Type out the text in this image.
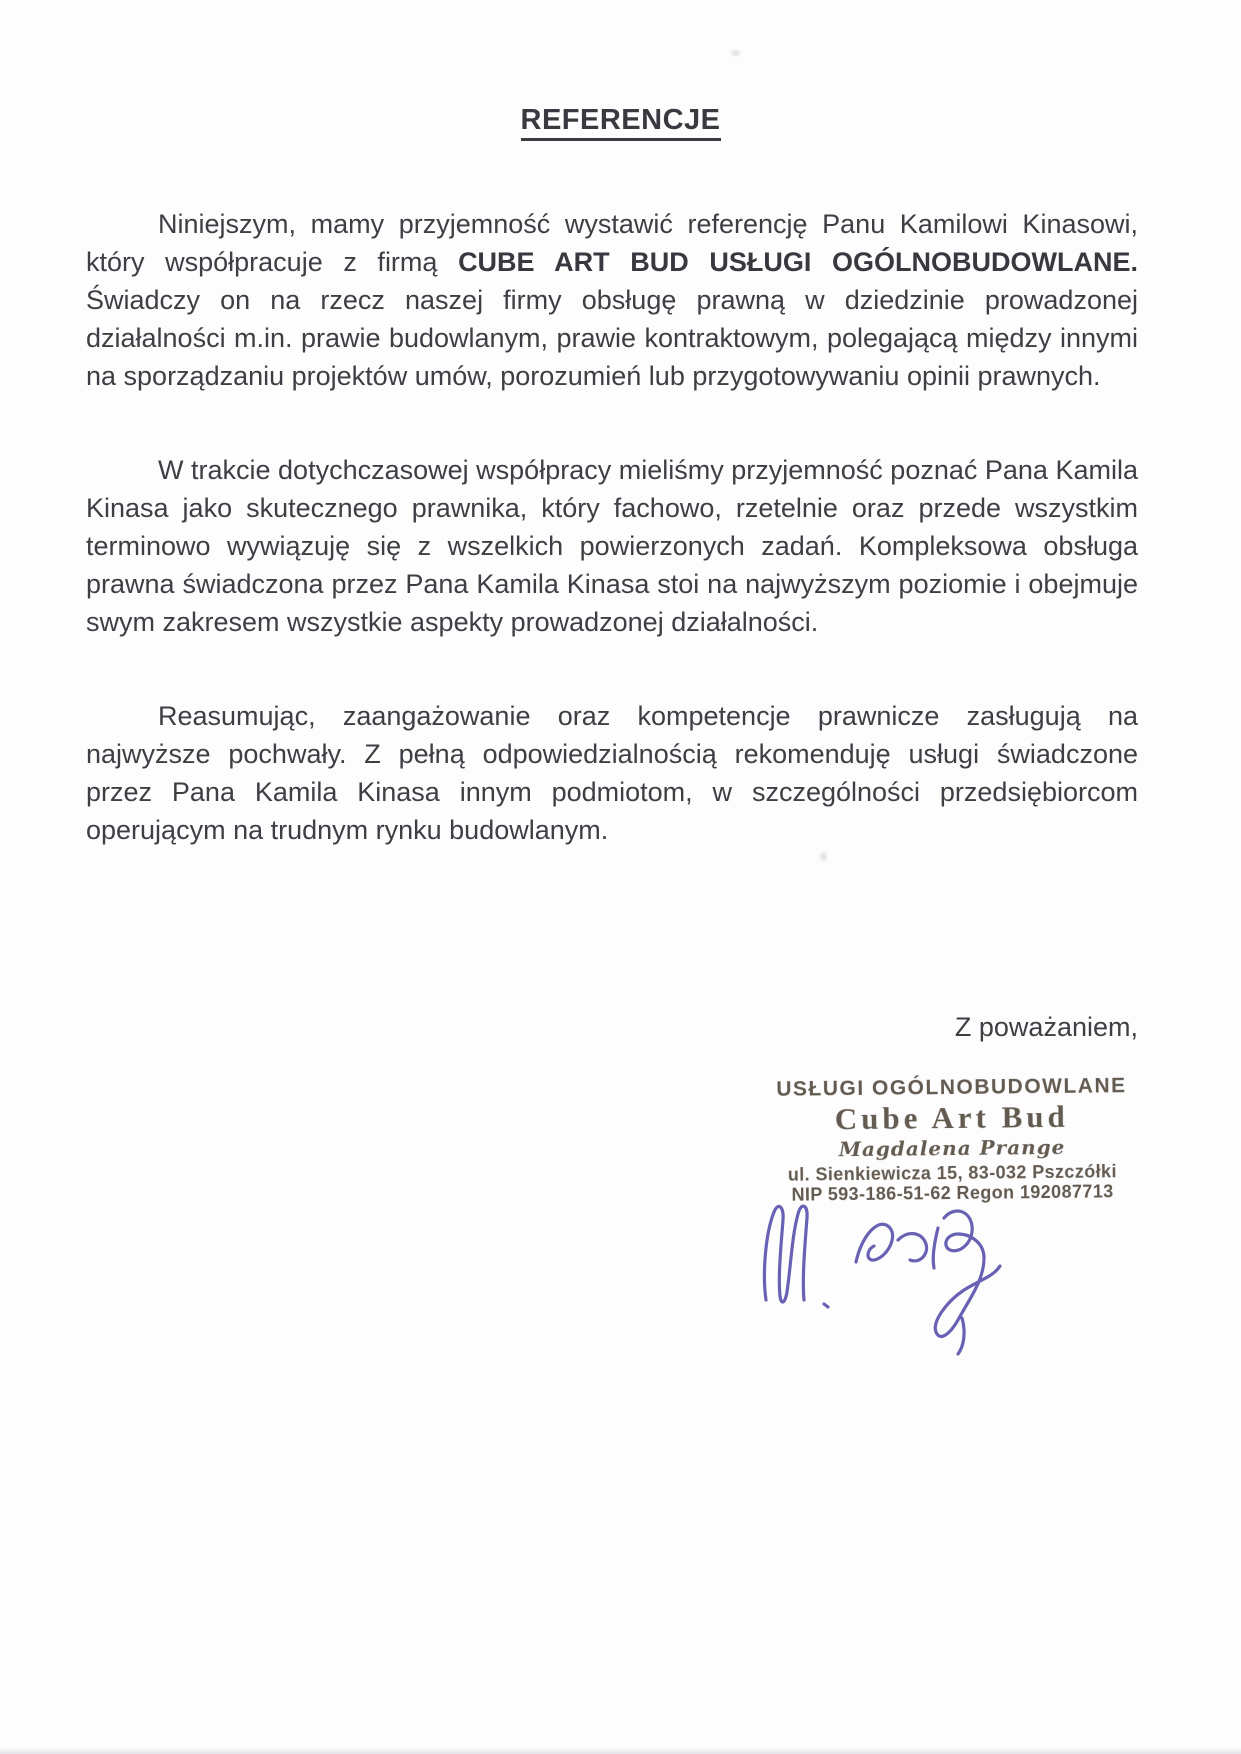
REFERENCJE

Niniejszym, mamy przyjemność wystawić referencję Panu Kamilowi Kinasowi, który współpracuje z firmą CUBE ART BUD USŁUGI OGÓLNOBUDOWLANE. Świadczy on na rzecz naszej firmy obsługę prawną w dziedzinie prowadzonej działalności m.in. prawie budowlanym, prawie kontraktowym, polegającą między innymi na sporządzaniu projektów umów, porozumień lub przygotowywaniu opinii prawnych.

W trakcie dotychczasowej współpracy mieliśmy przyjemność poznać Pana Kamila Kinasa jako skutecznego prawnika, który fachowo, rzetelnie oraz przede wszystkim terminowo wywiązuję się z wszelkich powierzonych zadań. Kompleksowa obsługa prawna świadczona przez Pana Kamila Kinasa stoi na najwyższym poziomie i obejmuje swym zakresem wszystkie aspekty prowadzonej działalności.

Reasumując, zaangażowanie oraz kompetencje prawnicze zasługują na najwyższe pochwały. Z pełną odpowiedzialnością rekomenduję usługi świadczone przez Pana Kamila Kinasa innym podmiotom, w szczególności przedsiębiorcom operującym na trudnym rynku budowlanym.

Z poważaniem,
USŁUGI OGÓLNOBUDOWLANE
Cube Art Bud
Magdalena Prange
ul. Sienkiewicza 15, 83-032 Pszczółki
NIP 593-186-51-62 Regon 192087713
